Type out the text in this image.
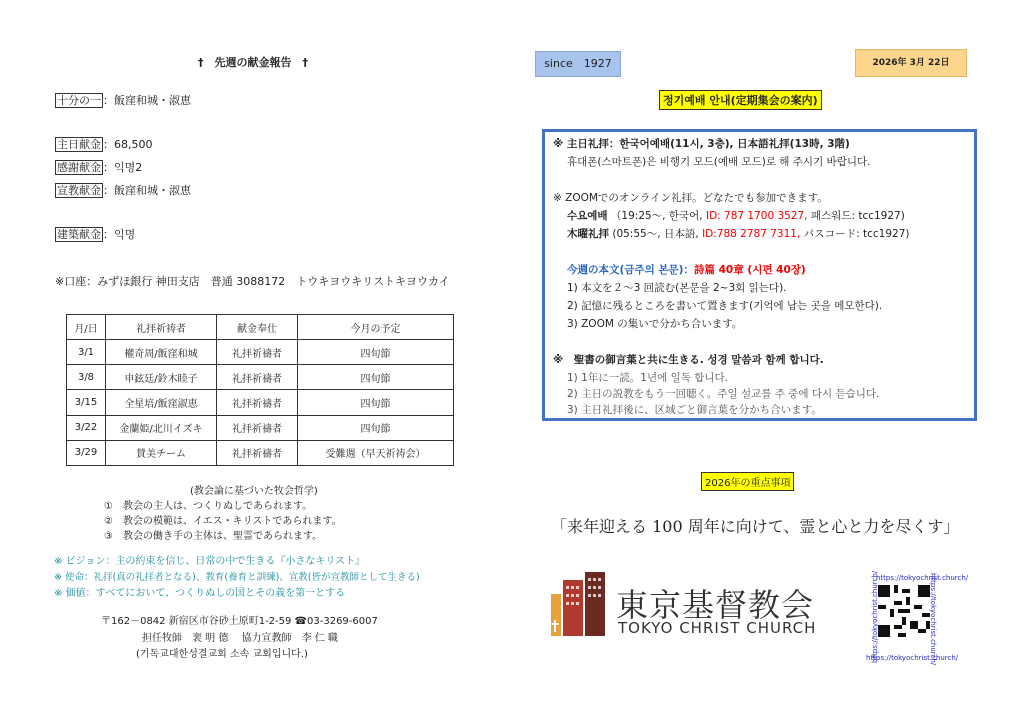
†　先週の献金報告　†
十分の一 ：飯窪和城・淑恵
主日献金 ：68,500
感謝献金 ：익명2
宣教献金 ：飯窪和城・淑恵
建築献金 ：익명
※口座：みずほ銀行 神田支店　普通 3088172　トウキヨウキリストキヨウカイ
月/日	礼拝祈祷者	献金奉仕	今月の予定
3/1	權奇周/飯窪和城	礼拝祈禱者	四旬節
3/8	申鉉廷/鈴木睦子	礼拝祈禱者	四旬節
3/15	全星培/飯窪淑恵	礼拝祈禱者	四旬節
3/22	金蘭姫/北川イズキ	礼拝祈禱者	四旬節
3/29	賛美チーム	礼拝祈禱者	受難週（早天祈祷会）
(教会論に基づいた牧会哲学)
①　教会の主人は、つくりぬしであられます。
②　教会の模範は、イエス・キリストであられます。
③　教会の働き手の主体は、聖霊であられます。
※ ビジョン：主の約束を信じ、日常の中で生きる『小さなキリスト』
※ 使命：礼拝(真の礼拝者となる)、教育(養育と訓練)、宣教(皆が宣教師として生きる)
※ 価値：すべてにおいて、つくりぬしの国とその義を第一とする
〒162－0842 新宿区市谷砂土原町1-2-59 ☎03-3269-6007
担任牧師　裵 明 德　 協力宣教師　李 仁 職
(기독교대한성결교회 소속 교회입니다.)
since　1927	2026年 3月 22日
정기예배 안내(定期集会の案内)
※ 主日礼拝：한국어예배(11시, 3층), 日本語礼拝(13時, 3階)
휴대폰(스마트폰)은 비행기 모드(예배 모드)로 해 주시기 바랍니다.
※ ZOOMでのオンライン礼拝。どなたでも参加できます。
수요예배 （19:25～, 한국어, ID: 787 1700 3527, 패스워드: tcc1927)
木曜礼拝 (05:55～, 日本語, ID:788 2787 7311, パスコード: tcc1927)
今週の本文(금주의 본문)：詩篇 40章 (시편 40장)
1) 本文を２～3 回読む(본문을 2~3회 읽는다).
2) 記憶に残るところを書いて置きます(기억에 남는 곳을 메모한다).
3) ZOOM の集いで分かち合います。
※　聖書の御言葉と共に生きる. 성경 말씀과 함께 합니다.
1) 1年に一読。1년에 일독 합니다.
2) 主日の説教をもう一回聴く。주일 설교를 주 중에 다시 듣습니다.
3) 主日礼拝後に、区域ごと御言葉を分かち合います。
2026年の重点事項
「来年迎える 100 周年に向けて、霊と心と力を尽くす」
東京基督教会
TOKYO CHRIST CHURCH
https://tokyochrist.church/
https://tokyochrist.church/	https://tokyochrist.church/
https://tokyochrist.church/
